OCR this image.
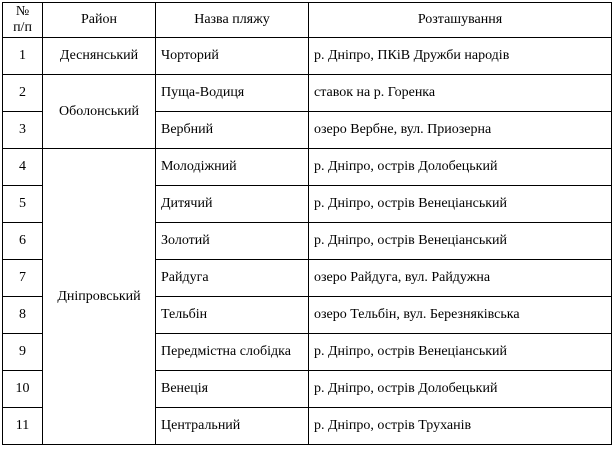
№
п/п	Район	Назва пляжу	Розташування
1	Деснянський	Чорторий	р. Дніпро, ПКіВ Дружби народів
2	Оболонський	Пуща-Водиця	ставок на р. Горенка
3		Вербний	озеро Вербне, вул. Приозерна
4	Дніпровський	Молодіжний	р. Дніпро, острів Долобецький
5		Дитячий	р. Дніпро, острів Венеціанський
6		Золотий	р. Дніпро, острів Венеціанський
7		Райдуга	озеро Райдуга, вул. Райдужна
8		Тельбін	озеро Тельбін, вул. Березняківська
9		Передмістна слобідка	р. Дніпро, острів Венеціанський
10		Венеція	р. Дніпро, острів Долобецький
11		Центральний	р. Дніпро, острів Труханів
